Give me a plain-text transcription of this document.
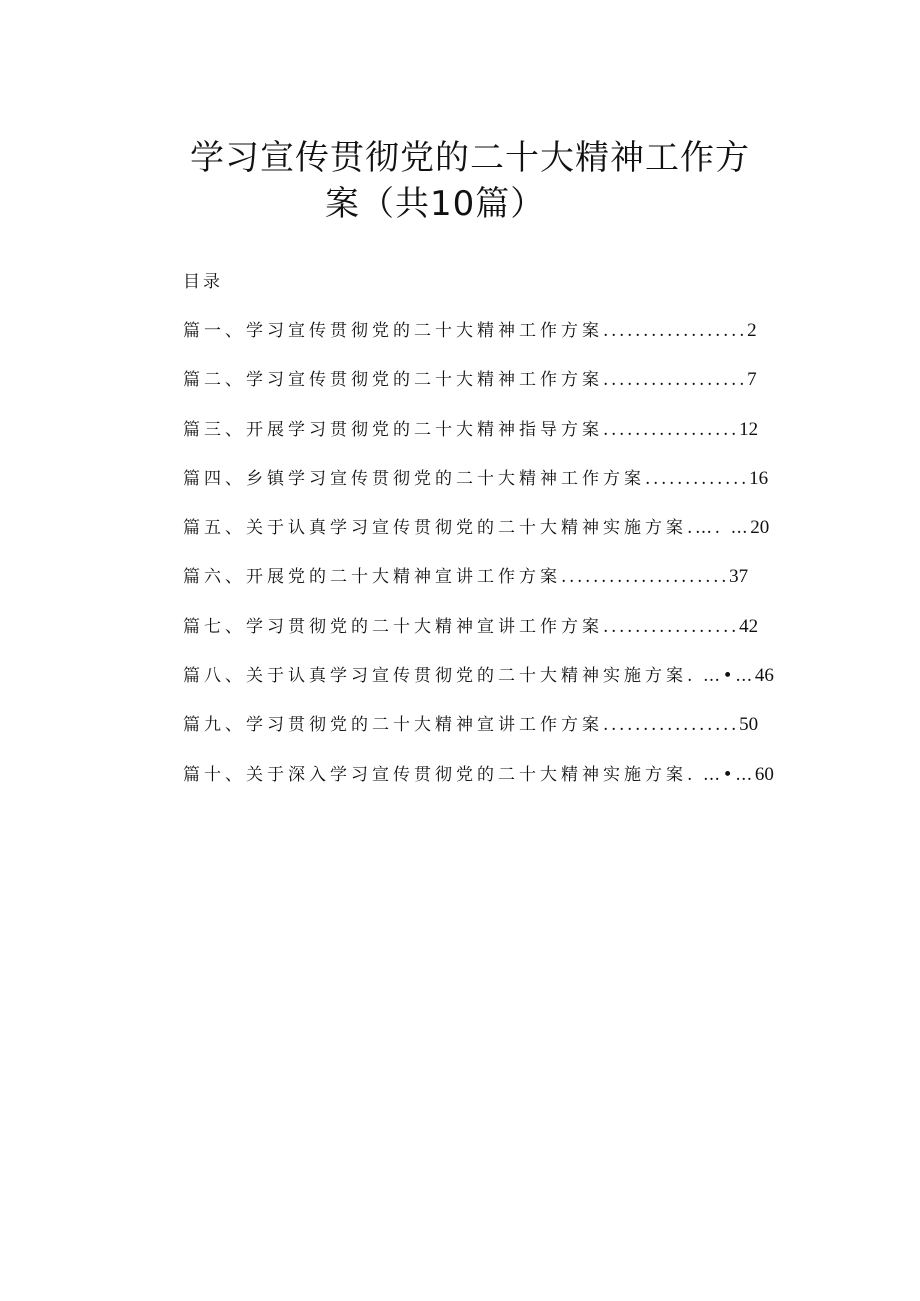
学习宣传贯彻党的二十大精神工作方
案（共10篇）
目录
篇一、学习宣传贯彻党的二十大精神工作方案 .................. 2
篇二、学习宣传贯彻党的二十大精神工作方案 .................. 7
篇三、开展学习贯彻党的二十大精神指导方案 ................. 12
篇四、乡镇学习宣传贯彻党的二十大精神工作方案 ............. 16
篇五、关于认真学习宣传贯彻党的二十大精神实施方案 .…. … 20
篇六、开展党的二十大精神宣讲工作方案 ..................... 37
篇七、学习贯彻党的二十大精神宣讲工作方案 ................. 42
篇八、关于认真学习宣传贯彻党的二十大精神实施方案 . …•… 46
篇九、学习贯彻党的二十大精神宣讲工作方案 ................. 50
篇十、关于深入学习宣传贯彻党的二十大精神实施方案 . …•… 60
